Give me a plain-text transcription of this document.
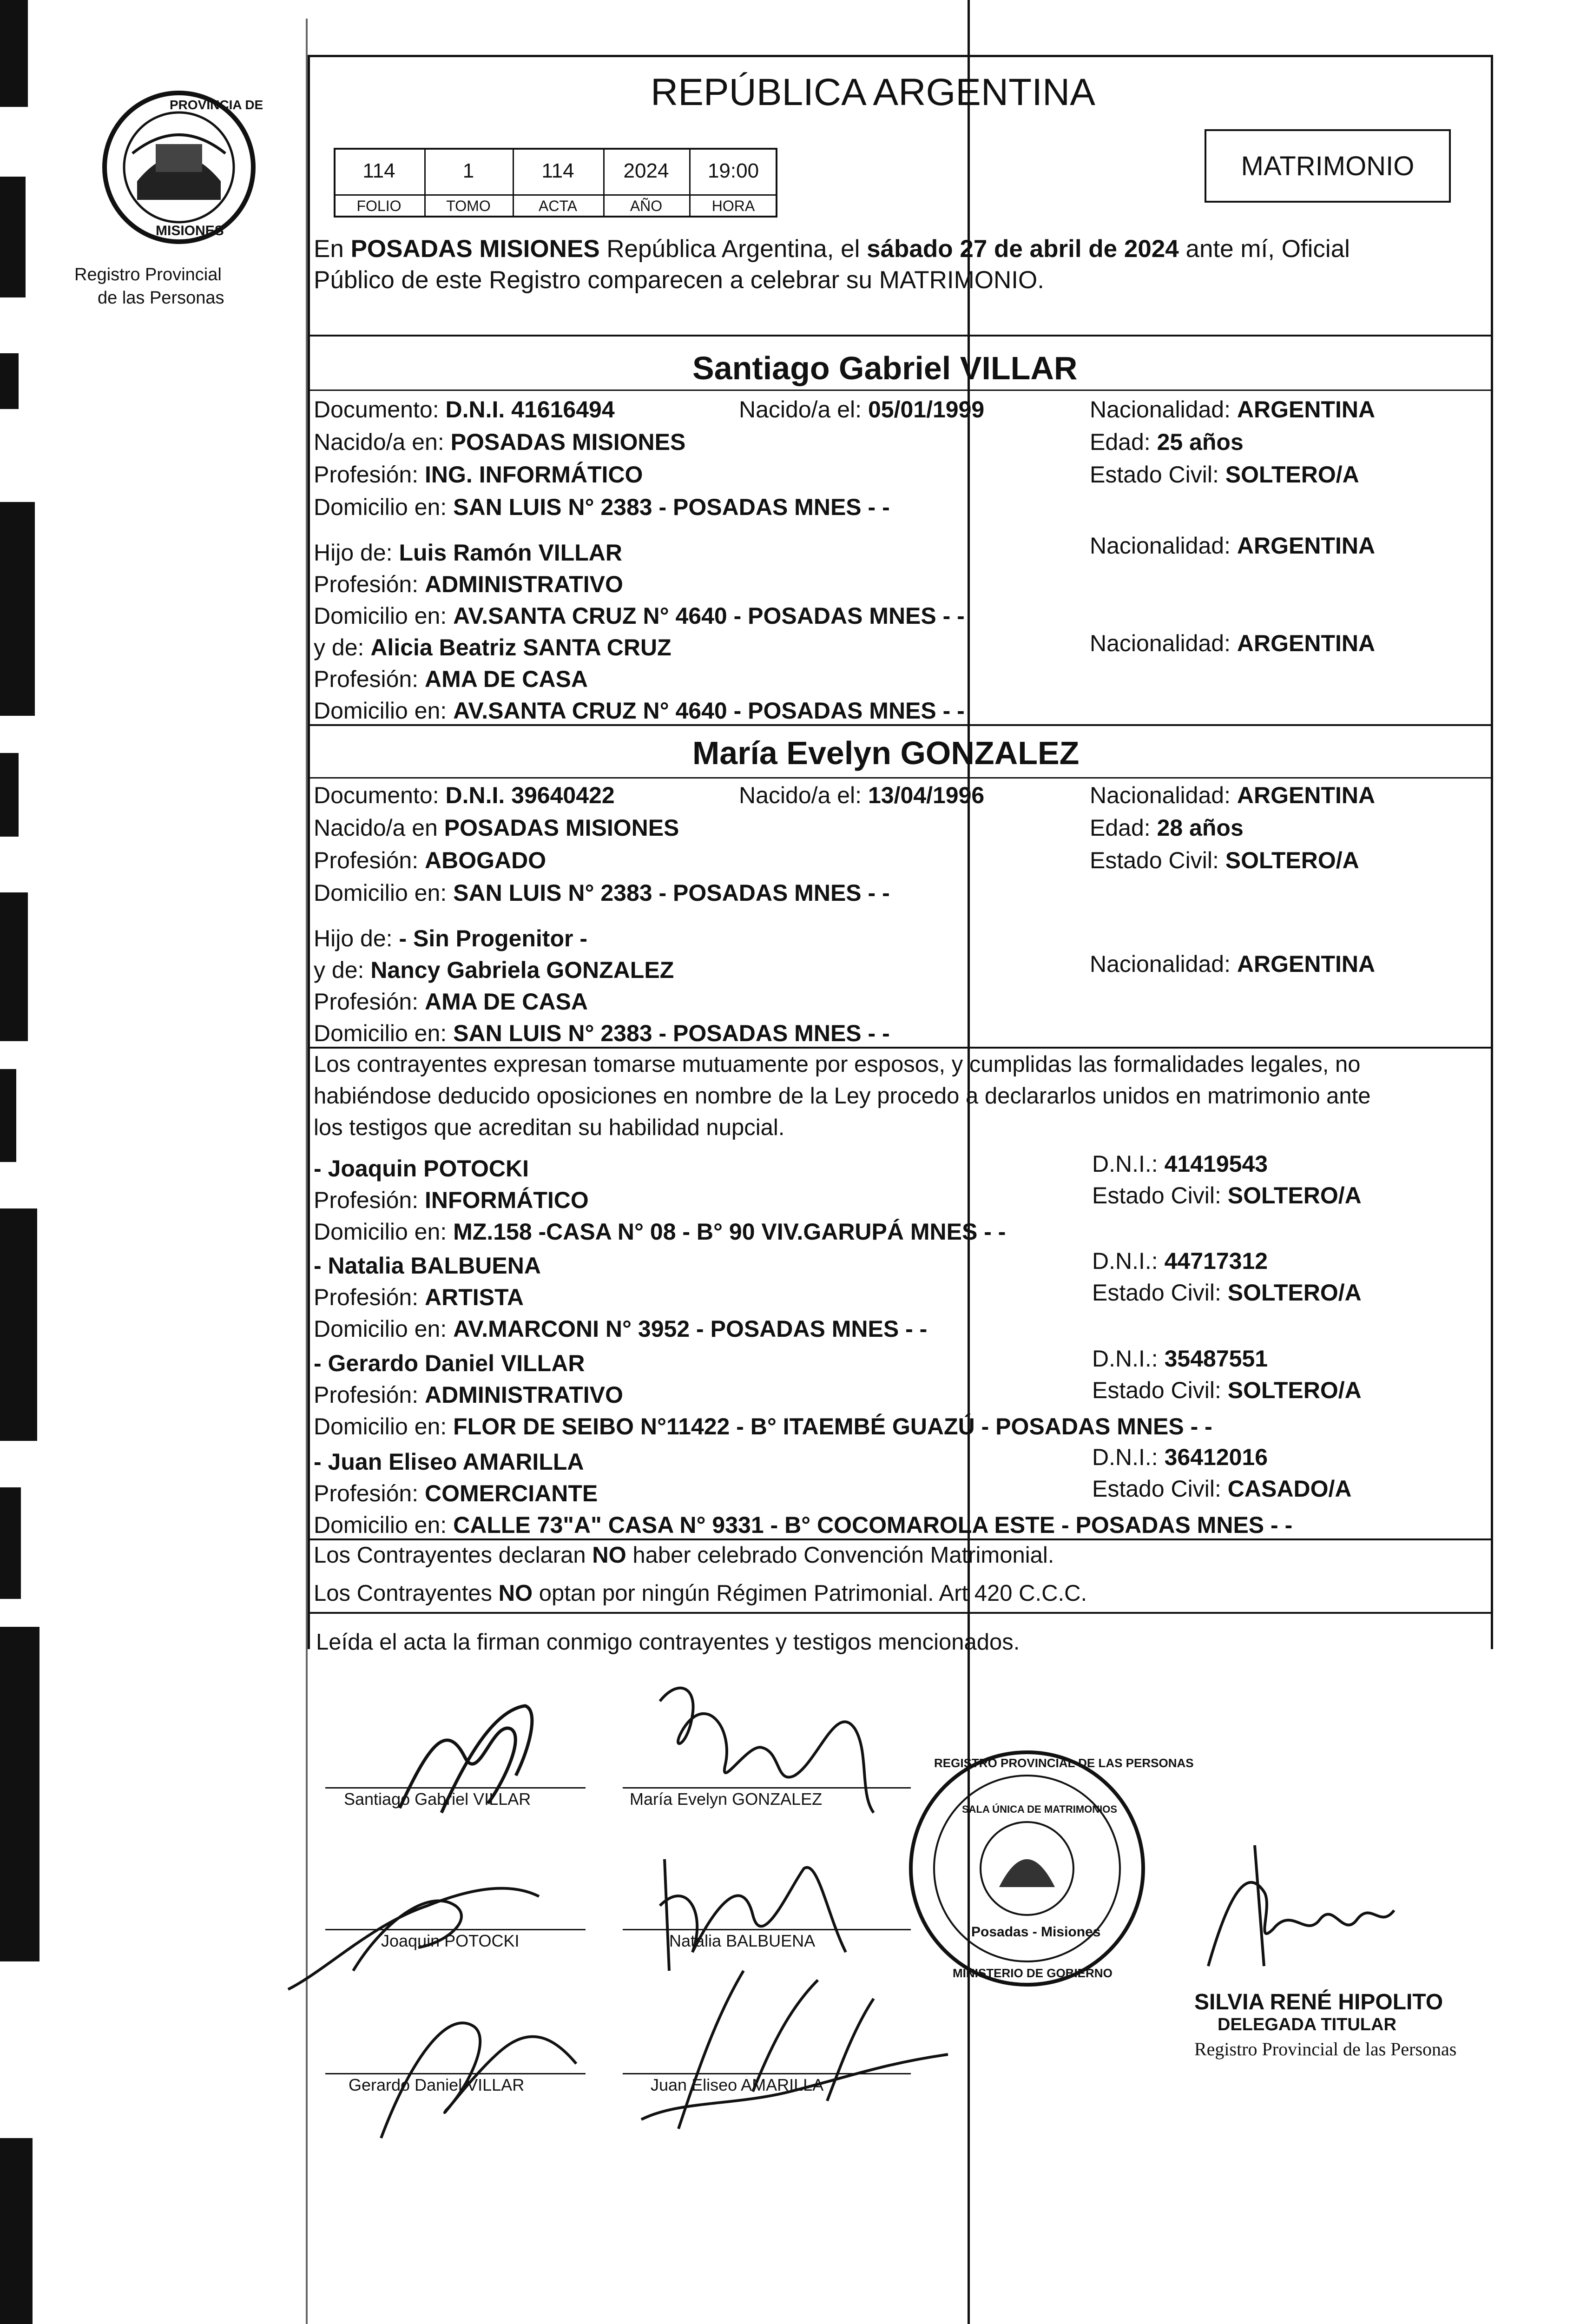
PROVINCIA DE
MISIONES
Registro Provincial
de las Personas
REPÚBLICA ARGENTINA
114	1	114	2024	19:00
FOLIO	TOMO	ACTA	AÑO	HORA
MATRIMONIO
En POSADAS MISIONES República Argentina, el sábado 27 de abril de 2024 ante mí, Oficial
Público de este Registro comparecen a celebrar su MATRIMONIO.
Santiago Gabriel VILLAR
Documento: D.N.I. 41616494	Nacido/a el: 05/01/1999	Nacionalidad: ARGENTINA
Nacido/a en: POSADAS MISIONES	Edad: 25 años
Profesión: ING. INFORMÁTICO	Estado Civil: SOLTERO/A
Domicilio en: SAN LUIS N° 2383 - POSADAS MNES - -
Hijo de: Luis Ramón VILLAR	Nacionalidad: ARGENTINA
Profesión: ADMINISTRATIVO
Domicilio en: AV.SANTA CRUZ N° 4640 - POSADAS MNES - -
y de: Alicia Beatriz SANTA CRUZ	Nacionalidad: ARGENTINA
Profesión: AMA DE CASA
Domicilio en: AV.SANTA CRUZ N° 4640 - POSADAS MNES - -
María Evelyn GONZALEZ
Documento: D.N.I. 39640422	Nacido/a el: 13/04/1996	Nacionalidad: ARGENTINA
Nacido/a en POSADAS MISIONES	Edad: 28 años
Profesión: ABOGADO	Estado Civil: SOLTERO/A
Domicilio en: SAN LUIS N° 2383 - POSADAS MNES - -
Hijo de: - Sin Progenitor -
y de: Nancy Gabriela GONZALEZ	Nacionalidad: ARGENTINA
Profesión: AMA DE CASA
Domicilio en: SAN LUIS N° 2383 - POSADAS MNES - -
Los contrayentes expresan tomarse mutuamente por esposos, y cumplidas las formalidades legales, no
habiéndose deducido oposiciones en nombre de la Ley procedo a declararlos unidos en matrimonio ante
los testigos que acreditan su habilidad nupcial.
- Joaquin POTOCKI	D.N.I.: 41419543
Profesión: INFORMÁTICO	Estado Civil: SOLTERO/A
Domicilio en: MZ.158 -CASA N° 08 - B° 90 VIV.GARUPÁ MNES - -
- Natalia BALBUENA	D.N.I.: 44717312
Profesión: ARTISTA	Estado Civil: SOLTERO/A
Domicilio en: AV.MARCONI N° 3952 - POSADAS MNES - -
- Gerardo Daniel VILLAR	D.N.I.: 35487551
Profesión: ADMINISTRATIVO	Estado Civil: SOLTERO/A
Domicilio en: FLOR DE SEIBO N°11422 - B° ITAEMBÉ GUAZÚ - POSADAS MNES - -
- Juan Eliseo AMARILLA	D.N.I.: 36412016
Profesión: COMERCIANTE	Estado Civil: CASADO/A
Domicilio en: CALLE 73"A" CASA N° 9331 - B° COCOMAROLA ESTE - POSADAS MNES - -
Los Contrayentes declaran NO haber celebrado Convención Matrimonial.
Los Contrayentes NO optan por ningún Régimen Patrimonial. Art 420 C.C.C.
Leída el acta la firman conmigo contrayentes y testigos mencionados.
Santiago Gabriel VILLAR	María Evelyn GONZALEZ
Joaquin POTOCKI	Natalia BALBUENA
Gerardo Daniel VILLAR	Juan Eliseo AMARILLA
REGISTRO PROVINCIAL DE LAS PERSONAS
SALA ÚNICA DE MATRIMONIOS
Posadas - Misiones
MINISTERIO DE GOBIERNO
SILVIA RENÉ HIPOLITO
DELEGADA TITULAR
Registro Provincial de las Personas
